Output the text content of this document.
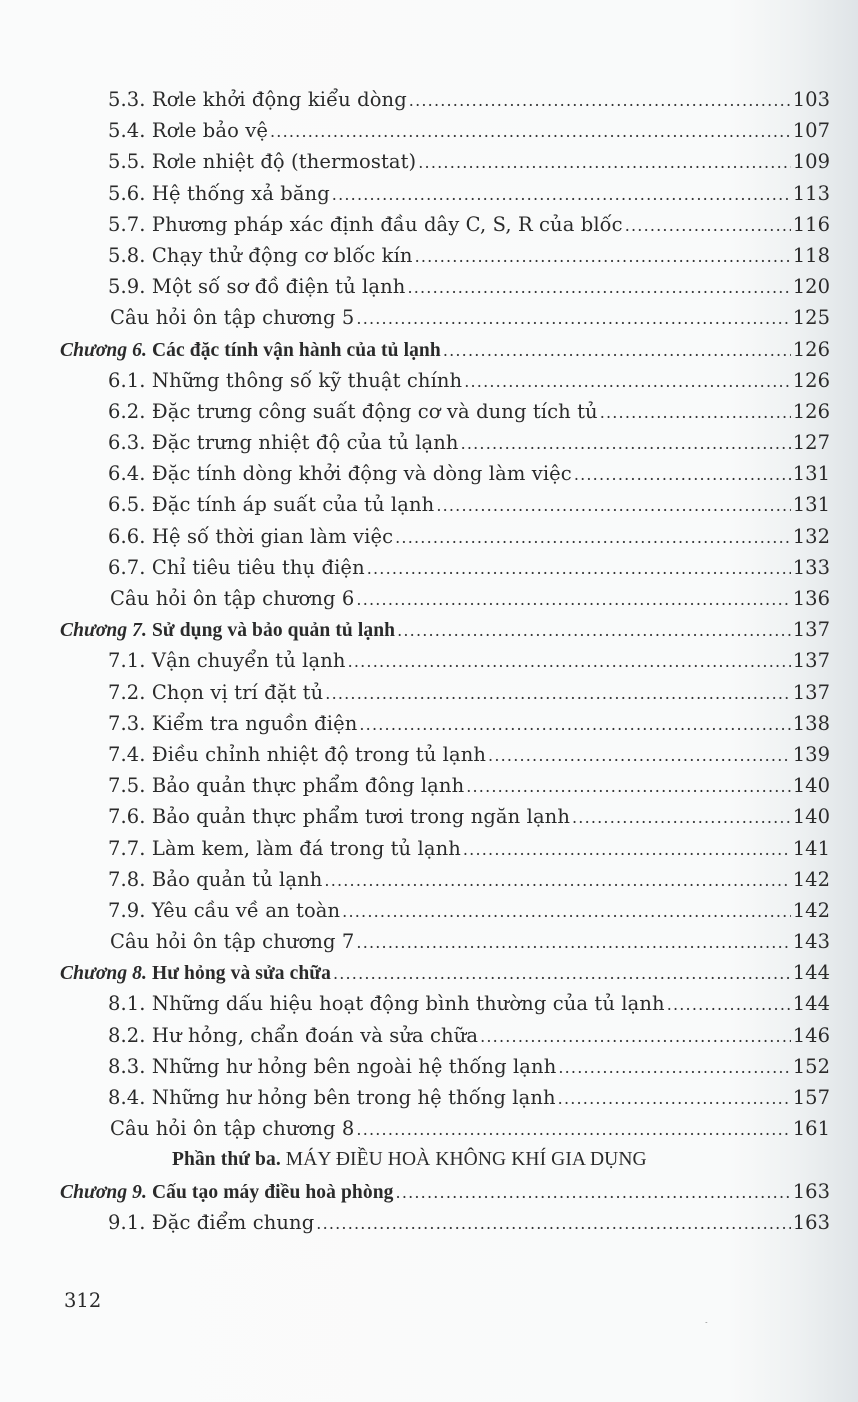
5.3. Rơle khởi động kiểu dòng .....	103
5.4. Rơle bảo vệ .....	107
5.5. Rơle nhiệt độ (thermostat) .....	109
5.6. Hệ thống xả băng .....	113
5.7. Phương pháp xác định đầu dây C, S, R của blốc .....	116
5.8. Chạy thử động cơ blốc kín .....	118
5.9. Một số sơ đồ điện tủ lạnh .....	120
Câu hỏi ôn tập chương 5 .....	125
Chương 6. Các đặc tính vận hành của tủ lạnh .....	126
6.1. Những thông số kỹ thuật chính .....	126
6.2. Đặc trưng công suất động cơ và dung tích tủ .....	126
6.3. Đặc trưng nhiệt độ của tủ lạnh .....	127
6.4. Đặc tính dòng khởi động và dòng làm việc .....	131
6.5. Đặc tính áp suất của tủ lạnh .....	131
6.6. Hệ số thời gian làm việc .....	132
6.7. Chỉ tiêu tiêu thụ điện .....	133
Câu hỏi ôn tập chương 6 .....	136
Chương 7. Sử dụng và bảo quản tủ lạnh .....	137
7.1. Vận chuyển tủ lạnh .....	137
7.2. Chọn vị trí đặt tủ .....	137
7.3. Kiểm tra nguồn điện .....	138
7.4. Điều chỉnh nhiệt độ trong tủ lạnh .....	139
7.5. Bảo quản thực phẩm đông lạnh .....	140
7.6. Bảo quản thực phẩm tươi trong ngăn lạnh .....	140
7.7. Làm kem, làm đá trong tủ lạnh .....	141
7.8. Bảo quản tủ lạnh .....	142
7.9. Yêu cầu về an toàn .....	142
Câu hỏi ôn tập chương 7 .....	143
Chương 8. Hư hỏng và sửa chữa .....	144
8.1. Những dấu hiệu hoạt động bình thường của tủ lạnh .....	144
8.2. Hư hỏng, chẩn đoán và sửa chữa .....	146
8.3. Những hư hỏng bên ngoài hệ thống lạnh .....	152
8.4. Những hư hỏng bên trong hệ thống lạnh .....	157
Câu hỏi ôn tập chương 8 .....	161
Phần thứ ba. MÁY ĐIỀU HOÀ KHÔNG KHÍ GIA DỤNG
Chương 9. Cấu tạo máy điều hoà phòng .....	163
9.1. Đặc điểm chung .....	163
312
ˏ
